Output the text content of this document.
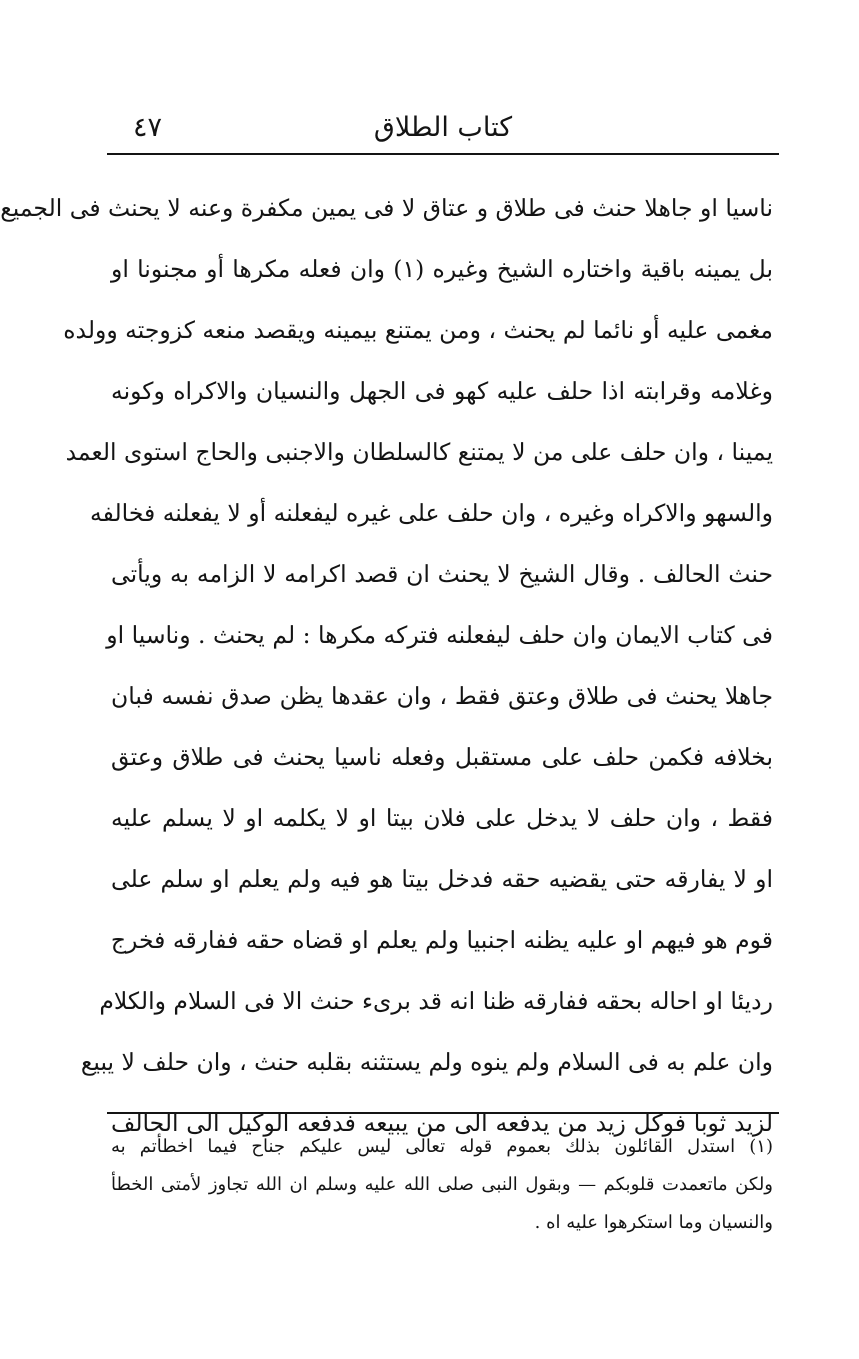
كتاب الطلاق
٤٧
ناسيا او جاهلا حنث فى طلاق و عتاق لا فى يمين مكفرة وعنه لا يحنث فى الجميع
بل يمينه باقية واختاره الشيخ وغيره (١) وان فعله مكرها أو مجنونا او
مغمى عليه أو نائما لم يحنث ، ومن يمتنع بيمينه ويقصد منعه كزوجته وولده
وغلامه وقرابته اذا حلف عليه كهو فى الجهل والنسيان والاكراه وكونه
يمينا ، وان حلف على من لا يمتنع كالسلطان والاجنبى والحاج استوى العمد
والسهو والاكراه وغيره ، وان حلف على غيره ليفعلنه أو لا يفعلنه فخالفه
حنث الحالف . وقال الشيخ لا يحنث ان قصد اكرامه لا الزامه به ويأتى
فى كتاب الايمان وان حلف ليفعلنه فتركه مكرها : لم يحنث . وناسيا او
جاهلا يحنث فى طلاق وعتق فقط ، وان عقدها يظن صدق نفسه فبان
بخلافه فكمن حلف على مستقبل وفعله ناسيا يحنث فى طلاق وعتق
فقط ، وان حلف لا يدخل على فلان بيتا او لا يكلمه او لا يسلم عليه
او لا يفارقه حتى يقضيه حقه فدخل بيتا هو فيه ولم يعلم او سلم على
قوم هو فيهم او عليه يظنه اجنبيا ولم يعلم او قضاه حقه ففارقه فخرج
رديئا او احاله بحقه ففارقه ظنا انه قد برىء حنث الا فى السلام والكلام
وان علم به فى السلام ولم ينوه ولم يستثنه بقلبه حنث ، وان حلف لا يبيع
لزيد ثوبا فوكل زيد من يدفعه الى من يبيعه فدفعه الوكيل الى الحالف
(١) استدل القائلون بذلك بعموم قوله تعالى ليس عليكم جناح فيما اخطأتم به
ولكن ماتعمدت قلوبكم — وبقول النبى صلى الله عليه وسلم ان الله تجاوز لأمتى الخطأ
والنسيان وما استكرهوا عليه اه .
